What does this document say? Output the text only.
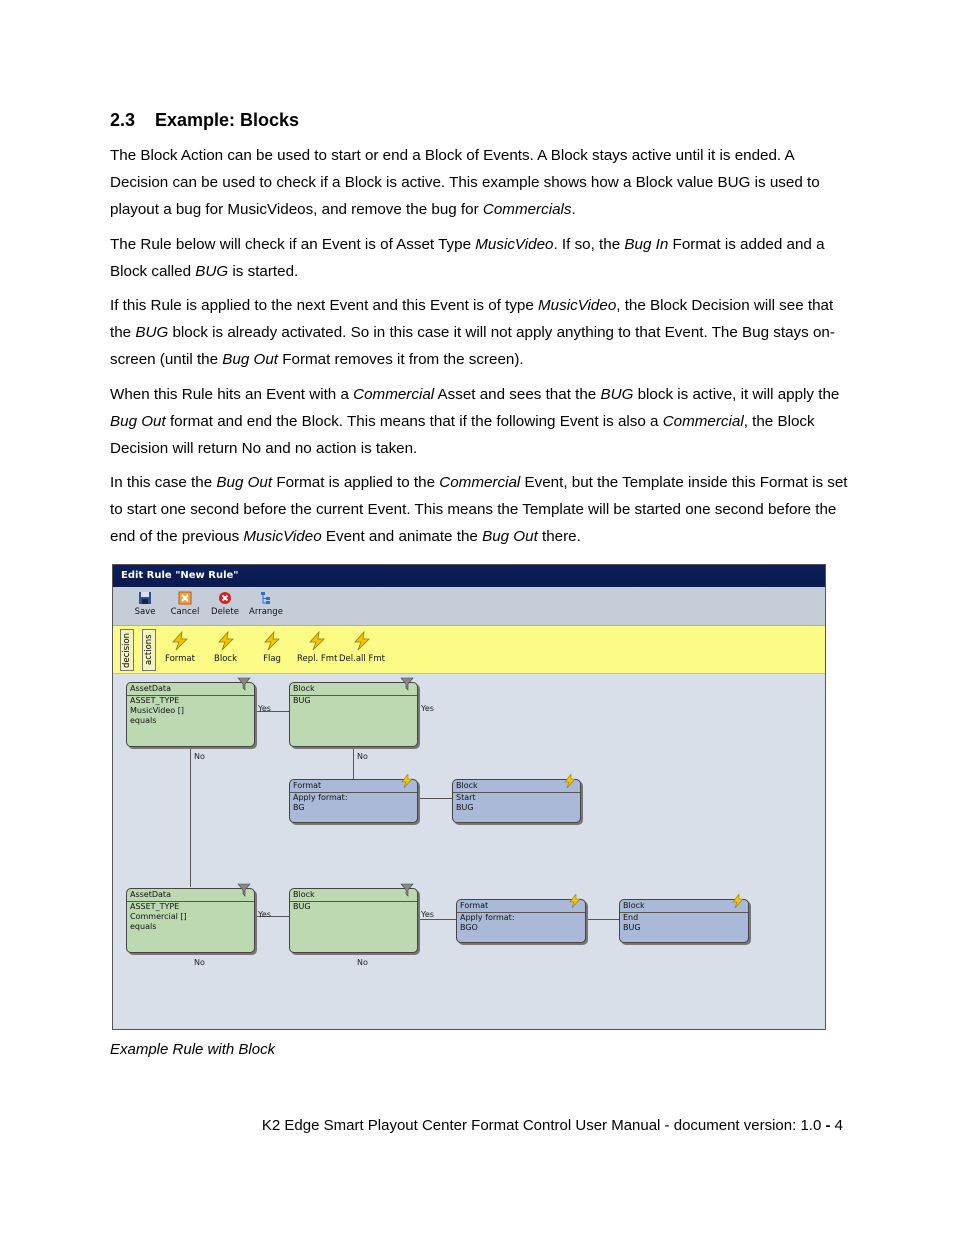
2.3 Example: Blocks
The Block Action can be used to start or end a Block of Events. A Block stays active until it is ended. A Decision can be used to check if a Block is active. This example shows how a Block value BUG is used to playout a bug for MusicVideos, and remove the bug for Commercials.
The Rule below will check if an Event is of Asset Type MusicVideo. If so, the Bug In Format is added and a Block called BUG is started.
If this Rule is applied to the next Event and this Event is of type MusicVideo, the Block Decision will see that the BUG block is already activated. So in this case it will not apply anything to that Event. The Bug stays on-screen (until the Bug Out Format removes it from the screen).
When this Rule hits an Event with a Commercial Asset and sees that the BUG block is active, it will apply the Bug Out format and end the Block. This means that if the following Event is also a Commercial, the Block Decision will return No and no action is taken.
In this case the Bug Out Format is applied to the Commercial Event, but the Template inside this Format is set to start one second before the current Event. This means the Template will be started one second before the end of the previous MusicVideo Event and animate the Bug Out there.
Edit Rule "New Rule"
Save	Cancel	Delete	Arrange
decision actions Format Block	Flag Repl. Fmt Del.all Fmt
Yes	Yes
No	No
Yes	Yes
No	No
AssetData
ASSET_TYPE
MusicVideo []
equals
Block
BUG
Format
Apply format:
BG
Block
Start
BUG
AssetData
ASSET_TYPE
Commercial []
equals
Block
BUG	Format
Apply format:
BGO
Block
End
BUG
Example Rule with Block
K2 Edge Smart Playout Center Format Control User Manual - document version: 1.0 - 4
